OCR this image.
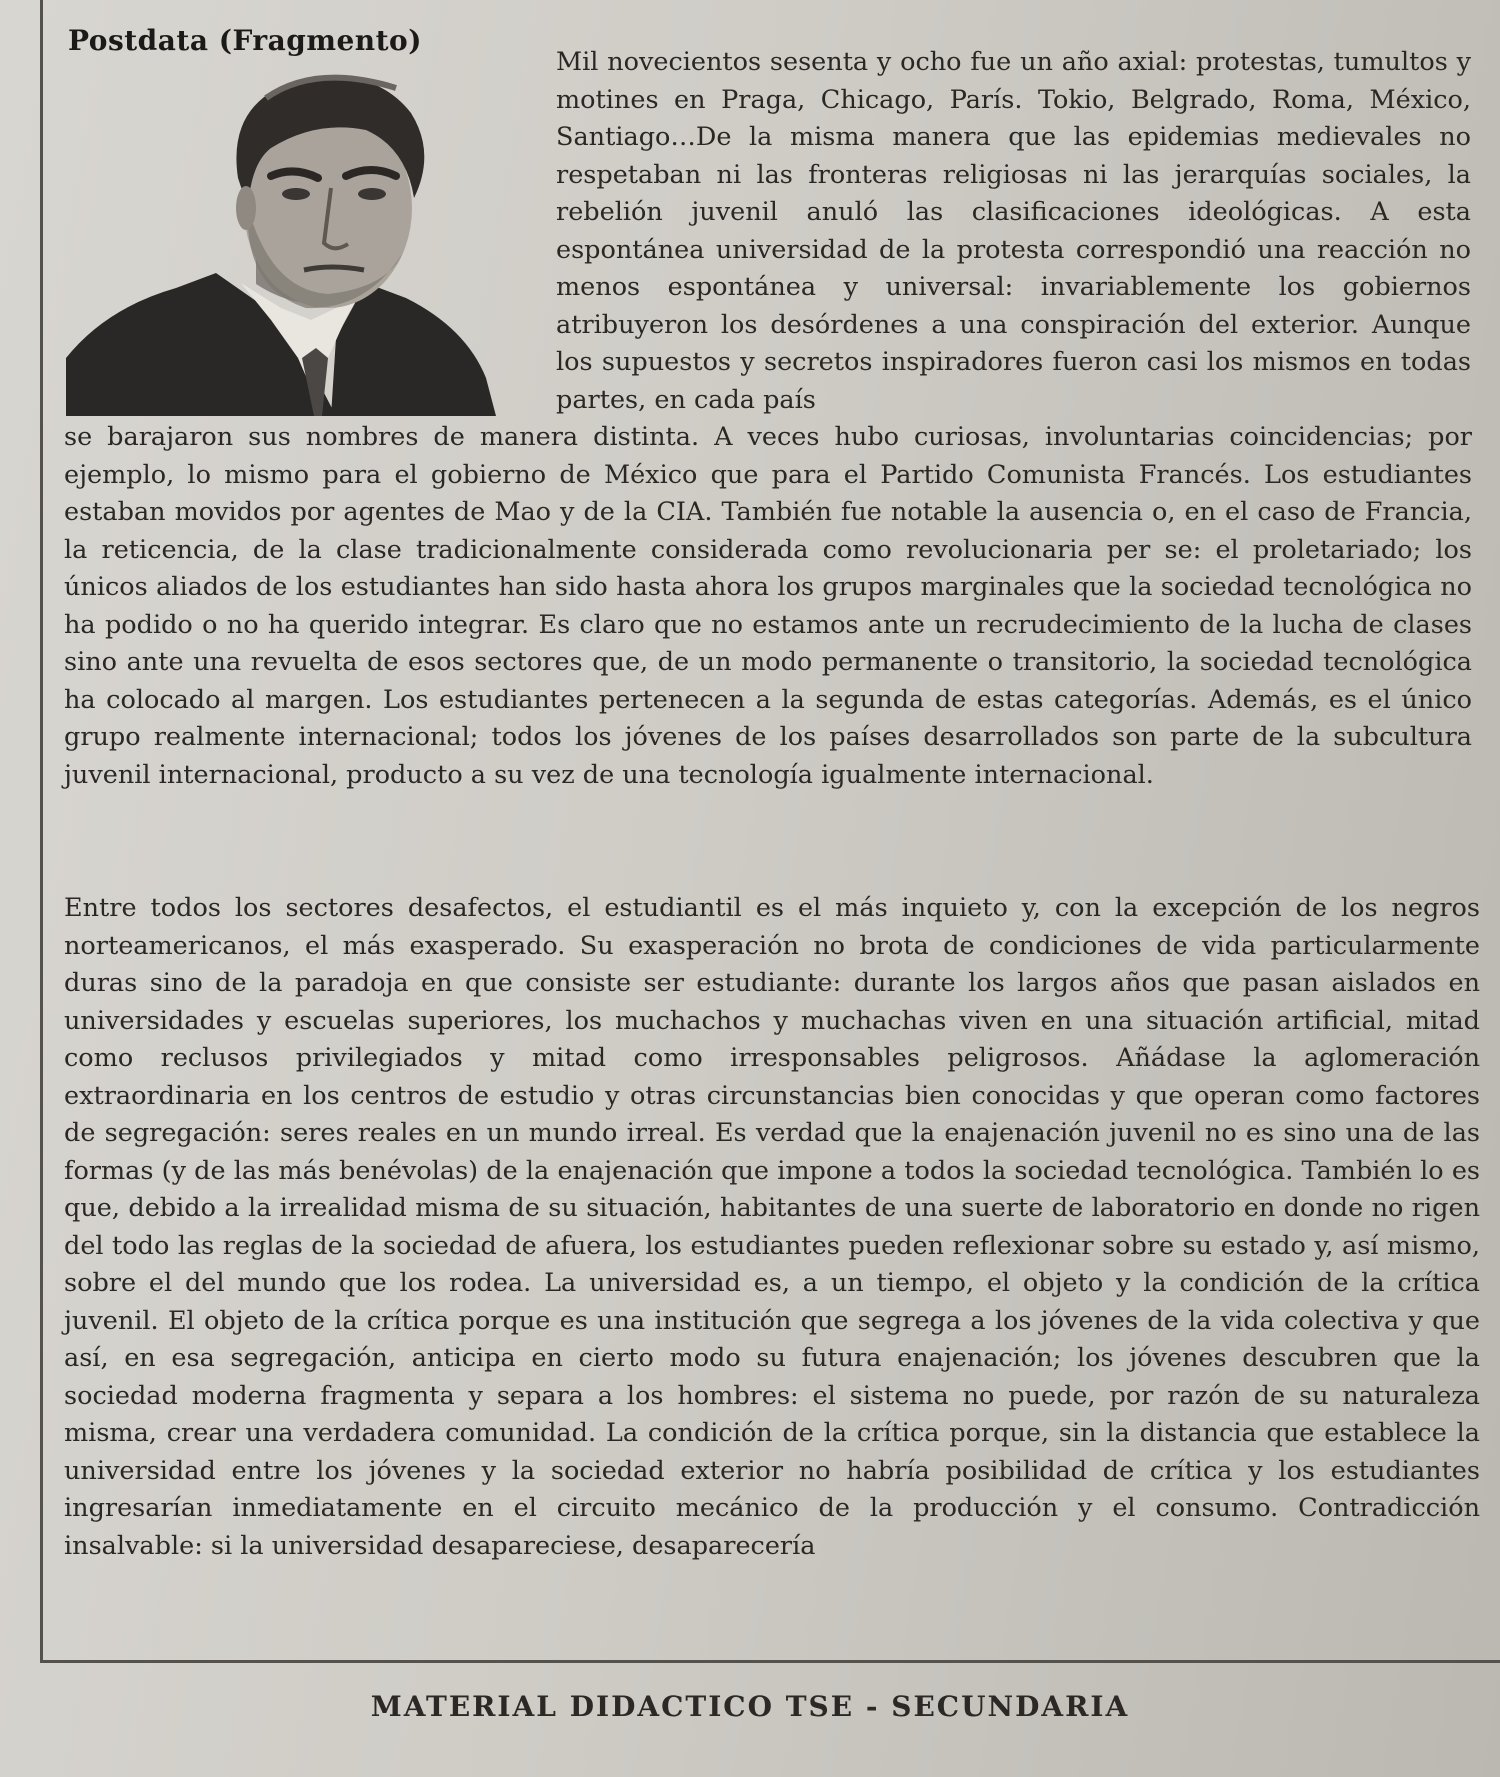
Postdata (Fragmento)

Mil novecientos sesenta y ocho fue un año axial: protestas, tumultos y motines en Praga, Chicago, París. Tokio, Belgrado, Roma, México, Santiago…De la misma manera que las epidemias medievales no respetaban ni las fronteras religiosas ni las jerarquías sociales, la rebelión juvenil anuló las clasificaciones ideológicas. A esta espontánea universidad de la protesta correspondió una reacción no menos espontánea y universal: invariablemente los gobiernos atribuyeron los desórdenes a una conspiración del exterior. Aunque los supuestos y secretos inspiradores fueron casi los mismos en todas partes, en cada país

se barajaron sus nombres de manera distinta. A veces hubo curiosas, involuntarias coincidencias; por ejemplo, lo mismo para el gobierno de México que para el Partido Comunista Francés. Los estudiantes estaban movidos por agentes de Mao y de la CIA. También fue notable la ausencia o, en el caso de Francia, la reticencia, de la clase tradicionalmente considerada como revolucionaria per se: el proletariado; los únicos aliados de los estudiantes han sido hasta ahora los grupos marginales que la sociedad tecnológica no ha podido o no ha querido integrar. Es claro que no estamos ante un recrudecimiento de la lucha de clases sino ante una revuelta de esos sectores que, de un modo permanente o transitorio, la sociedad tecnológica ha colocado al margen. Los estudiantes pertenecen a la segunda de estas categorías. Además, es el único grupo realmente internacional; todos los jóvenes de los países desarrollados son parte de la subcultura juvenil internacional, producto a su vez de una tecnología igualmente internacional.

Entre todos los sectores desafectos, el estudiantil es el más inquieto y, con la excepción de los negros norteamericanos, el más exasperado. Su exasperación no brota de condiciones de vida particularmente duras sino de la paradoja en que consiste ser estudiante: durante los largos años que pasan aislados en universidades y escuelas superiores, los muchachos y muchachas viven en una situación artificial, mitad como reclusos privilegiados y mitad como irresponsables peligrosos. Añádase la aglomeración extraordinaria en los centros de estudio y otras circunstancias bien conocidas y que operan como factores de segregación: seres reales en un mundo irreal. Es verdad que la enajenación juvenil no es sino una de las formas (y de las más benévolas) de la enajenación que impone a todos la sociedad tecnológica. También lo es que, debido a la irrealidad misma de su situación, habitantes de una suerte de laboratorio en donde no rigen del todo las reglas de la sociedad de afuera, los estudiantes pueden reflexionar sobre su estado y, así mismo, sobre el del mundo que los rodea. La universidad es, a un tiempo, el objeto y la condición de la crítica juvenil. El objeto de la crítica porque es una institución que segrega a los jóvenes de la vida colectiva y que así, en esa segregación, anticipa en cierto modo su futura enajenación; los jóvenes descubren que la sociedad moderna fragmenta y separa a los hombres: el sistema no puede, por razón de su naturaleza misma, crear una verdadera comunidad. La condición de la crítica porque, sin la distancia que establece la universidad entre los jóvenes y la sociedad exterior no habría posibilidad de crítica y los estudiantes ingresarían inmediatamente en el circuito mecánico de la producción y el consumo. Contradicción insalvable: si la universidad desapareciese, desaparecería

MATERIAL DIDACTICO TSE - SECUNDARIA
